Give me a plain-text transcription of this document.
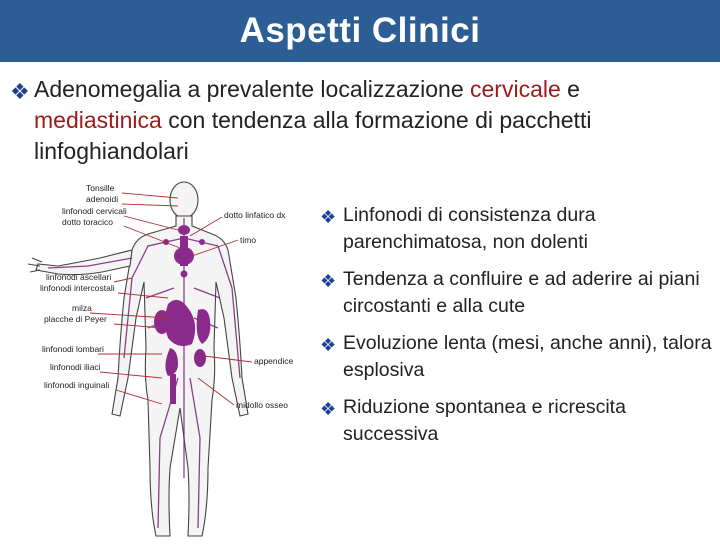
Aspetti Clinici
❖ Adenomegalia a prevalente localizzazione cervicale e mediastinica con tendenza alla formazione di pacchetti linfoghiandolari
Tonsille
adenoidi
linfonodi cervicali
dotto toracico
linfonodi ascellari
linfonodi intercostali
milza
placche di Peyer
linfonodi lombari
linfonodi iliaci
linfonodi inguinali
dotto linfatico dx
timo
appendice
midollo osseo
❖ Linfonodi di consistenza dura parenchimatosa, non dolenti
❖ Tendenza a confluire e ad aderire ai piani circostanti e alla cute
❖ Evoluzione lenta (mesi, anche anni), talora esplosiva
❖ Riduzione spontanea e ricrescita successiva
